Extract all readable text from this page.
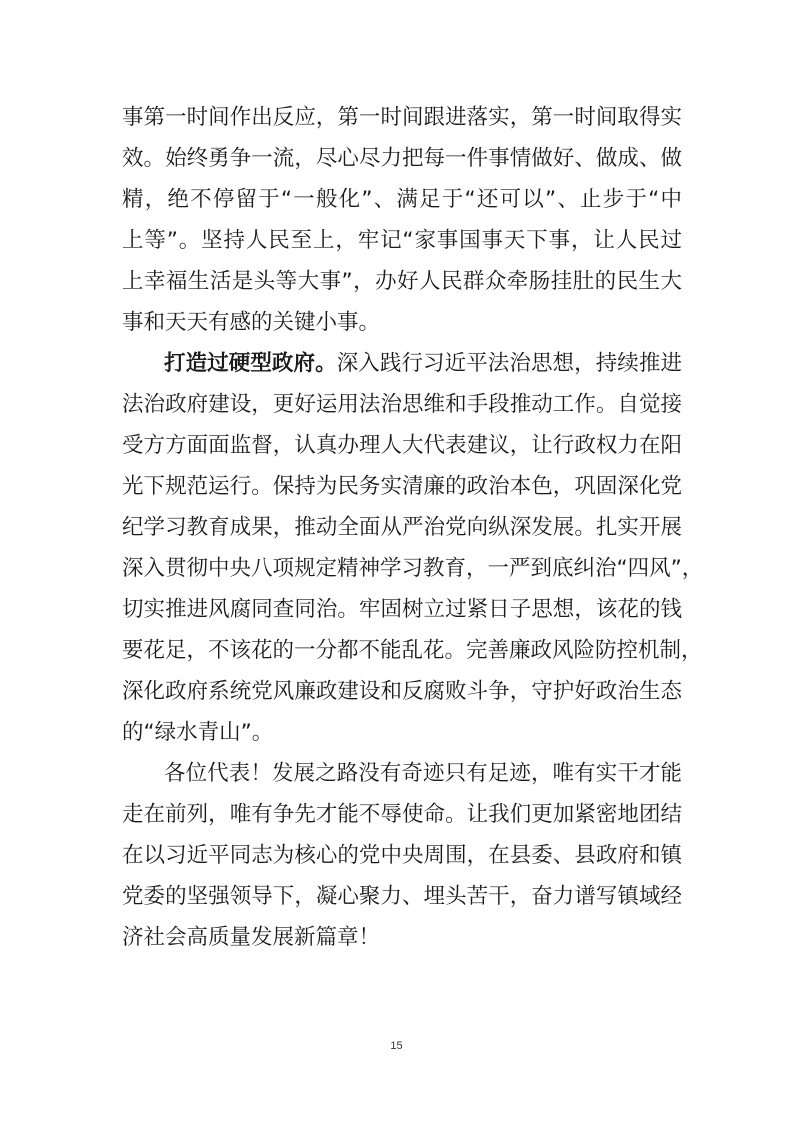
事第一时间作出反应，第一时间跟进落实，第一时间取得实
效。始终勇争一流，尽心尽力把每一件事情做好、做成、做
精，绝不停留于“一般化”、满足于“还可以”、止步于“中
上等”。坚持人民至上，牢记“家事国事天下事，让人民过
上幸福生活是头等大事”，办好人民群众牵肠挂肚的民生大
事和天天有感的关键小事。
打造过硬型政府。深入践行习近平法治思想，持续推进
法治政府建设，更好运用法治思维和手段推动工作。自觉接
受方方面面监督，认真办理人大代表建议，让行政权力在阳
光下规范运行。保持为民务实清廉的政治本色，巩固深化党
纪学习教育成果，推动全面从严治党向纵深发展。扎实开展
深入贯彻中央八项规定精神学习教育，一严到底纠治“四风”，
切实推进风腐同查同治。牢固树立过紧日子思想，该花的钱
要花足，不该花的一分都不能乱花。完善廉政风险防控机制，
深化政府系统党风廉政建设和反腐败斗争，守护好政治生态
的“绿水青山”。
各位代表！发展之路没有奇迹只有足迹，唯有实干才能
走在前列，唯有争先才能不辱使命。让我们更加紧密地团结
在以习近平同志为核心的党中央周围，在县委、县政府和镇
党委的坚强领导下，凝心聚力、埋头苦干，奋力谱写镇域经
济社会高质量发展新篇章！
15
